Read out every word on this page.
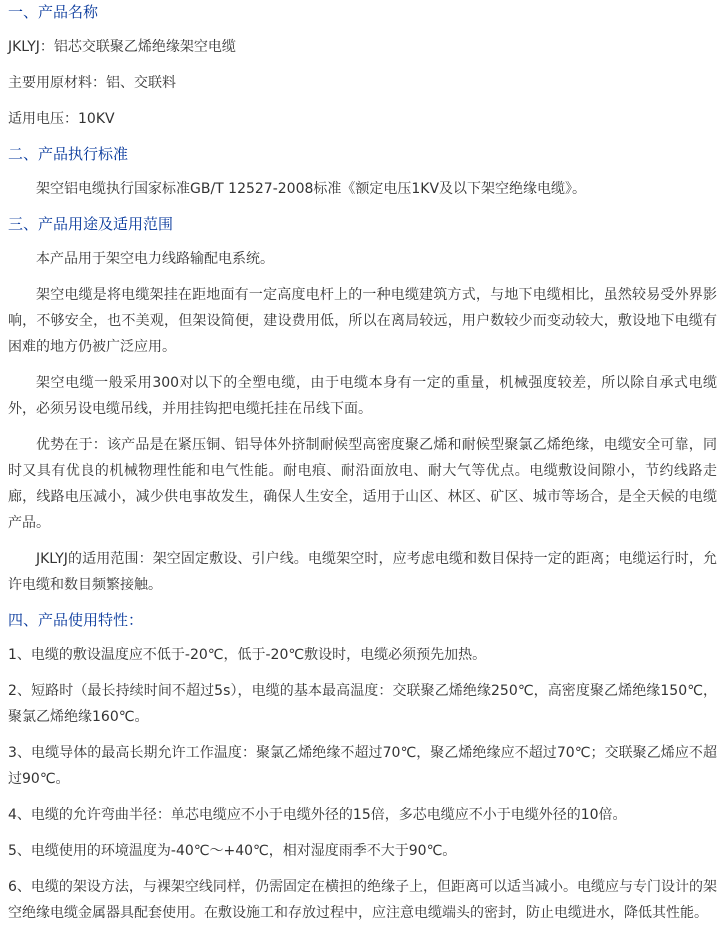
一、产品名称

JKLYJ：铝芯交联聚乙烯绝缘架空电缆

主要用原材料：铝、交联料

适用电压：10KV

二、产品执行标准

架空铝电缆执行国家标准GB/T 12527-2008标准《额定电压1KV及以下架空绝缘电缆》。

三、产品用途及适用范围

本产品用于架空电力线路输配电系统。

架空电缆是将电缆架挂在距地面有一定高度电杆上的一种电缆建筑方式，与地下电缆相比，虽然较易受外界影响，不够安全，也不美观，但架设简便，建设费用低，所以在离局较远，用户数较少而变动较大，敷设地下电缆有困难的地方仍被广泛应用。

架空电缆一般采用300对以下的全塑电缆，由于电缆本身有一定的重量，机械强度较差，所以除自承式电缆外，必须另设电缆吊线，并用挂钩把电缆托挂在吊线下面。

优势在于：该产品是在紧压铜、铝导体外挤制耐候型高密度聚乙烯和耐候型聚氯乙烯绝缘，电缆安全可靠，同时又具有优良的机械物理性能和电气性能。耐电痕、耐沿面放电、耐大气等优点。电缆敷设间隙小，节约线路走廊，线路电压减小，减少供电事故发生，确保人生安全，适用于山区、林区、矿区、城市等场合，是全天候的电缆产品。

JKLYJ的适用范围：架空固定敷设、引户线。电缆架空时，应考虑电缆和数目保持一定的距离；电缆运行时，允许电缆和数目频繁接触。

四、产品使用特性：

1、电缆的敷设温度应不低于-20℃，低于-20℃敷设时，电缆必须预先加热。

2、短路时（最长持续时间不超过5s），电缆的基本最高温度：交联聚乙烯绝缘250℃，高密度聚乙烯绝缘150℃，聚氯乙烯绝缘160℃。

3、电缆导体的最高长期允许工作温度：聚氯乙烯绝缘不超过70℃，聚乙烯绝缘应不超过70℃；交联聚乙烯应不超过90℃。

4、电缆的允许弯曲半径：单芯电缆应不小于电缆外径的15倍，多芯电缆应不小于电缆外径的10倍。

5、电缆使用的环境温度为-40℃～+40℃，相对湿度雨季不大于90℃。

6、电缆的架设方法，与裸架空线同样，仍需固定在横担的绝缘子上，但距离可以适当减小。电缆应与专门设计的架空绝缘电缆金属器具配套使用。在敷设施工和存放过程中，应注意电缆端头的密封，防止电缆进水，降低其性能。
